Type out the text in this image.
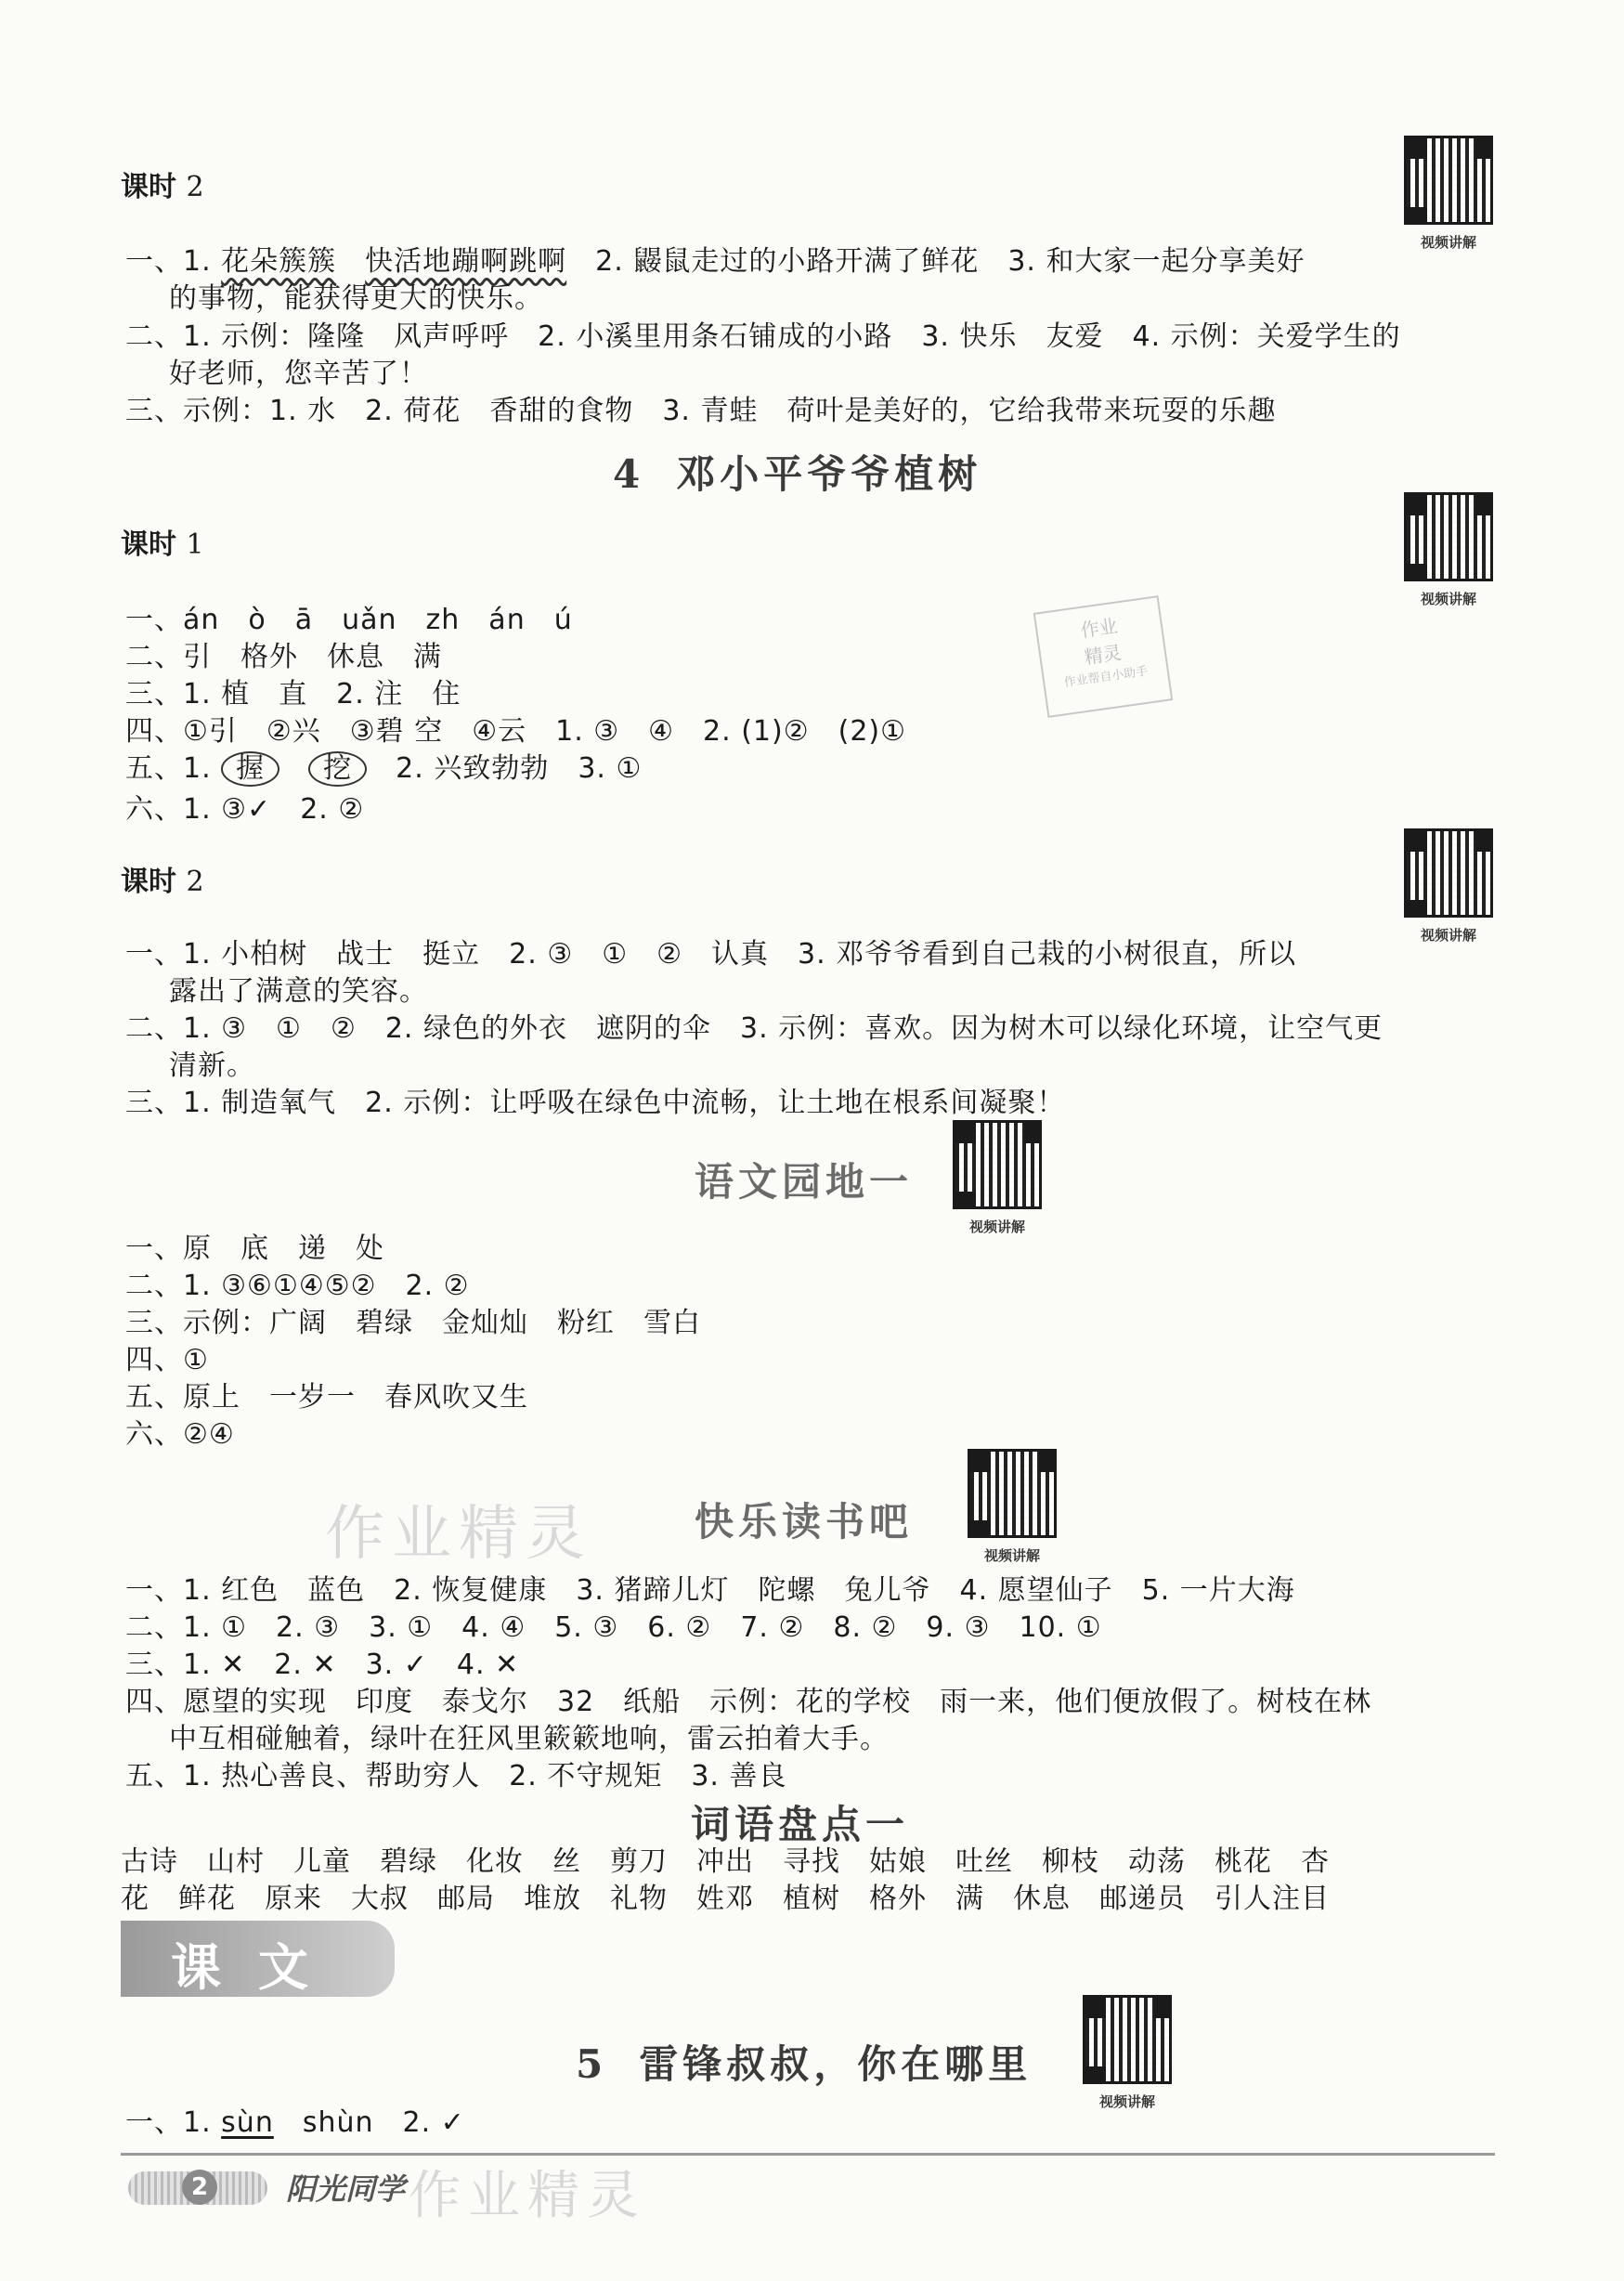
课时 2
视频讲解
一、1. 花朵簇簇　 快活地蹦啊跳啊　2. 鼹鼠走过的小路开满了鲜花　3. 和大家一起分享美好
的事物，能获得更大的快乐。
二、1. 示例：隆隆　风声呼呼　2. 小溪里用条石铺成的小路　3. 快乐　友爱　4. 示例：关爱学生的
好老师，您辛苦了！
三、示例：1. 水　2. 荷花　香甜的食物　3. 青蛙　荷叶是美好的，它给我带来玩耍的乐趣
4 邓小平爷爷植树
视频讲解
课时 1
一、án　ò　ā　uǎn　zh　án　ú
二、引　格外　休息　满
三、1. 植　直　2. 注　住
四、①引　②兴　③碧 空　④云　1. ③　④　2. (1)②　(2)①
五、1. 握　 挖　2. 兴致勃勃　3. ①
六、1. ③✓　2. ②
作业
精灵
作业帮自小助手
课时 2
视频讲解
一、1. 小柏树　战士　挺立　2. ③　①　②　认真　3. 邓爷爷看到自己栽的小树很直，所以
露出了满意的笑容。
二、1. ③　①　②　2. 绿色的外衣　遮阴的伞　3. 示例：喜欢。因为树木可以绿化环境，让空气更
清新。
三、1. 制造氧气　2. 示例：让呼吸在绿色中流畅，让土地在根系间凝聚！
语文园地一
视频讲解
一、原　底　递　处
二、1. ③⑥①④⑤②　2. ②
三、示例：广阔　碧绿　金灿灿　粉红　雪白
四、①
五、原上　一岁一　春风吹又生
六、②④
作业精灵	快乐读书吧
视频讲解
一、1. 红色　蓝色　2. 恢复健康　3. 猪蹄儿灯　陀螺　兔儿爷　4. 愿望仙子　5. 一片大海
二、1. ①　2. ③　3. ①　4. ④　5. ③　6. ②　7. ②　8. ②　9. ③　10. ①
三、1. ✕　2. ✕　3. ✓　4. ✕
四、愿望的实现　印度　泰戈尔　32　纸船　示例：花的学校　雨一来，他们便放假了。树枝在林
中互相碰触着，绿叶在狂风里簌簌地响，雷云拍着大手。
五、1. 热心善良、帮助穷人　2. 不守规矩　3. 善良
词语盘点一
古诗　山村　儿童　碧绿　化妆　丝　剪刀　冲出　寻找　姑娘　吐丝　柳枝　动荡　桃花　杏
花　鲜花　原来　大叔　邮局　堆放　礼物　姓邓　植树　格外　满　休息　邮递员　引人注目
课文
视频讲解
5 雷锋叔叔，你在哪里
一、1. sùn　shùn　2. ✓
2	阳光同学 作业精灵
